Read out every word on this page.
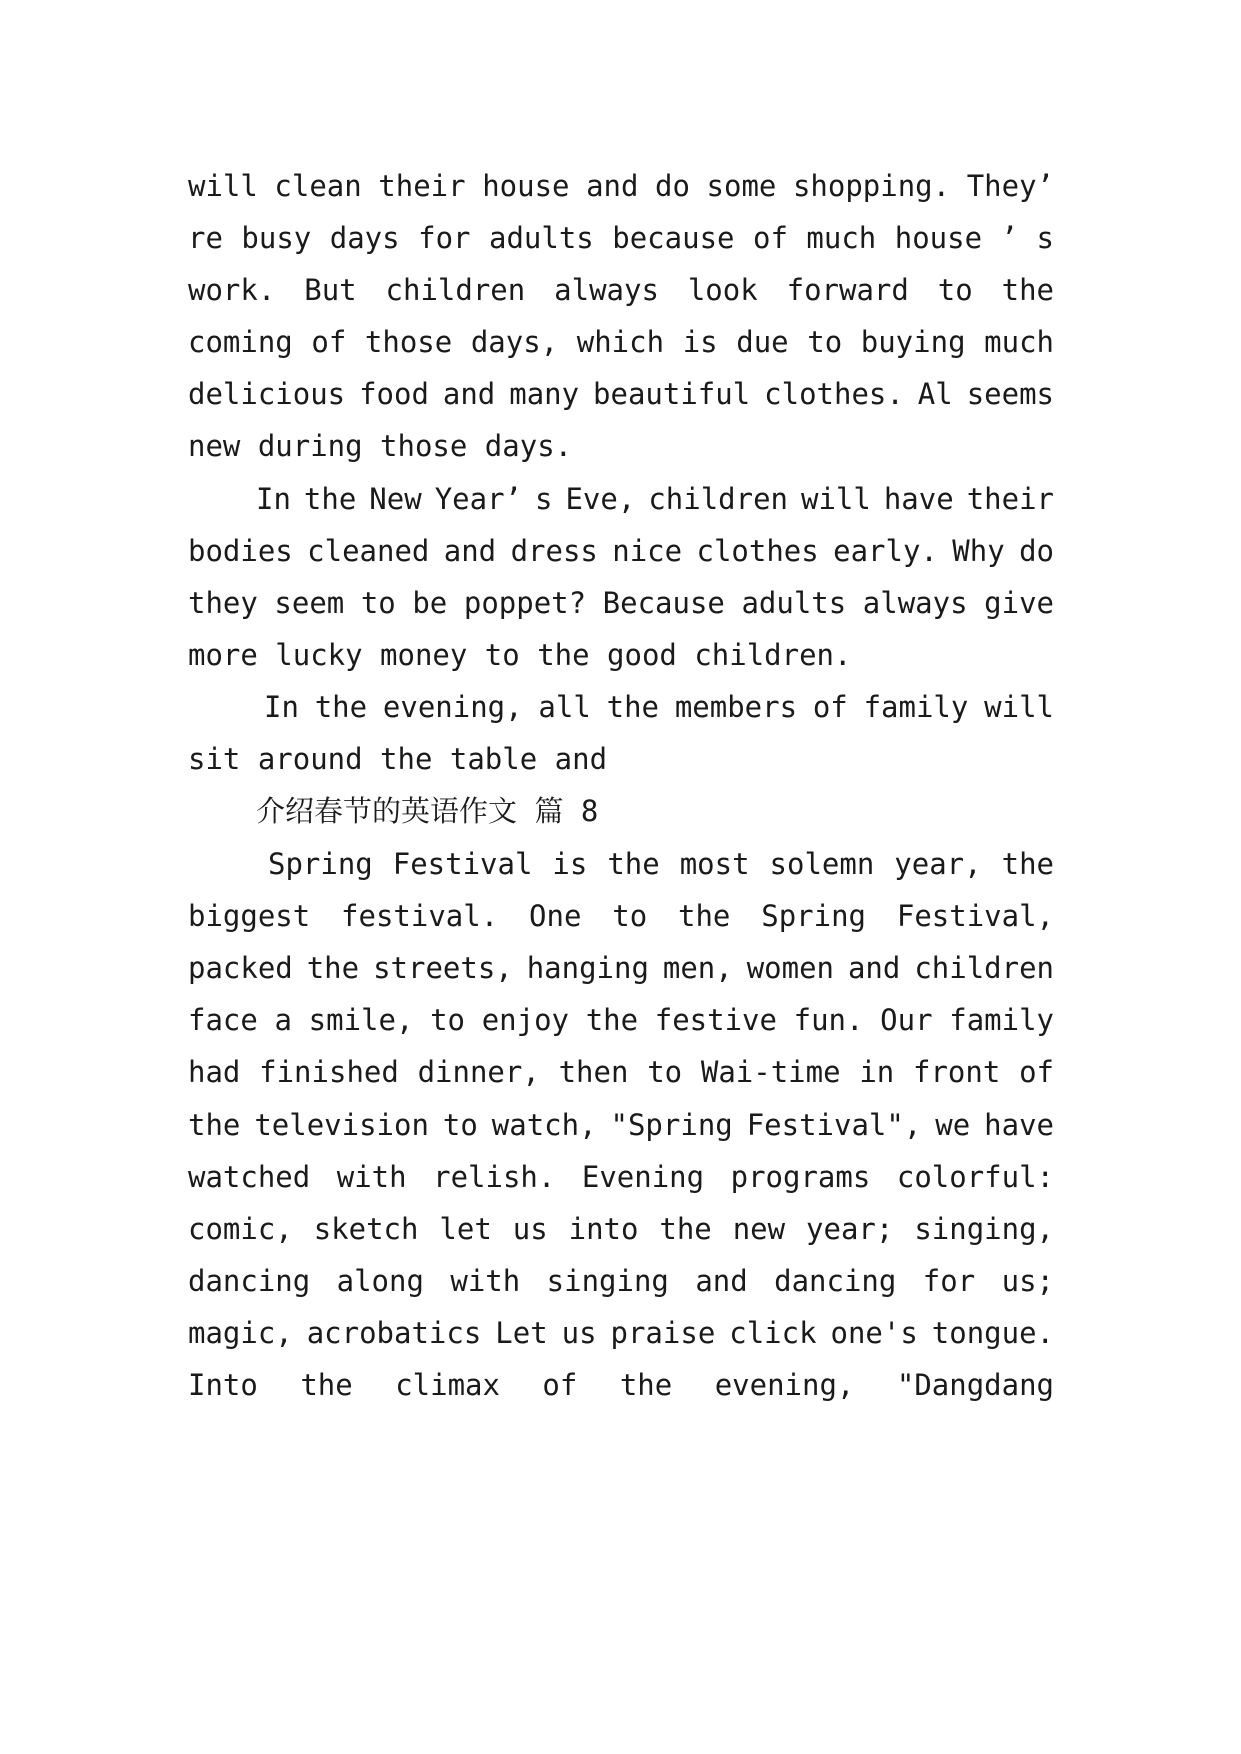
will clean their house and do some shopping. They’
re busy days for adults because of much house ’ s
work. But children always look forward to the
coming of those days, which is due to buying much
delicious food and many beautiful clothes. Al seems
new during those days.
In the New Year’ s Eve, children will have their
bodies cleaned and dress nice clothes early. Why do
they seem to be poppet? Because adults always give
more lucky money to the good children.
In the evening, all the members of family will
sit around the table and
介绍春节的英语作文 篇 8
Spring Festival is the most solemn year, the
biggest festival. One to the Spring Festival,
packed the streets, hanging men, women and children
face a smile, to enjoy the festive fun. Our family
had finished dinner, then to Wai-time in front of
the television to watch, "Spring Festival", we have
watched with relish. Evening programs colorful:
comic, sketch let us into the new year; singing,
dancing along with singing and dancing for us;
magic, acrobatics Let us praise click one's tongue.
Into the climax of the evening, "Dangdang
